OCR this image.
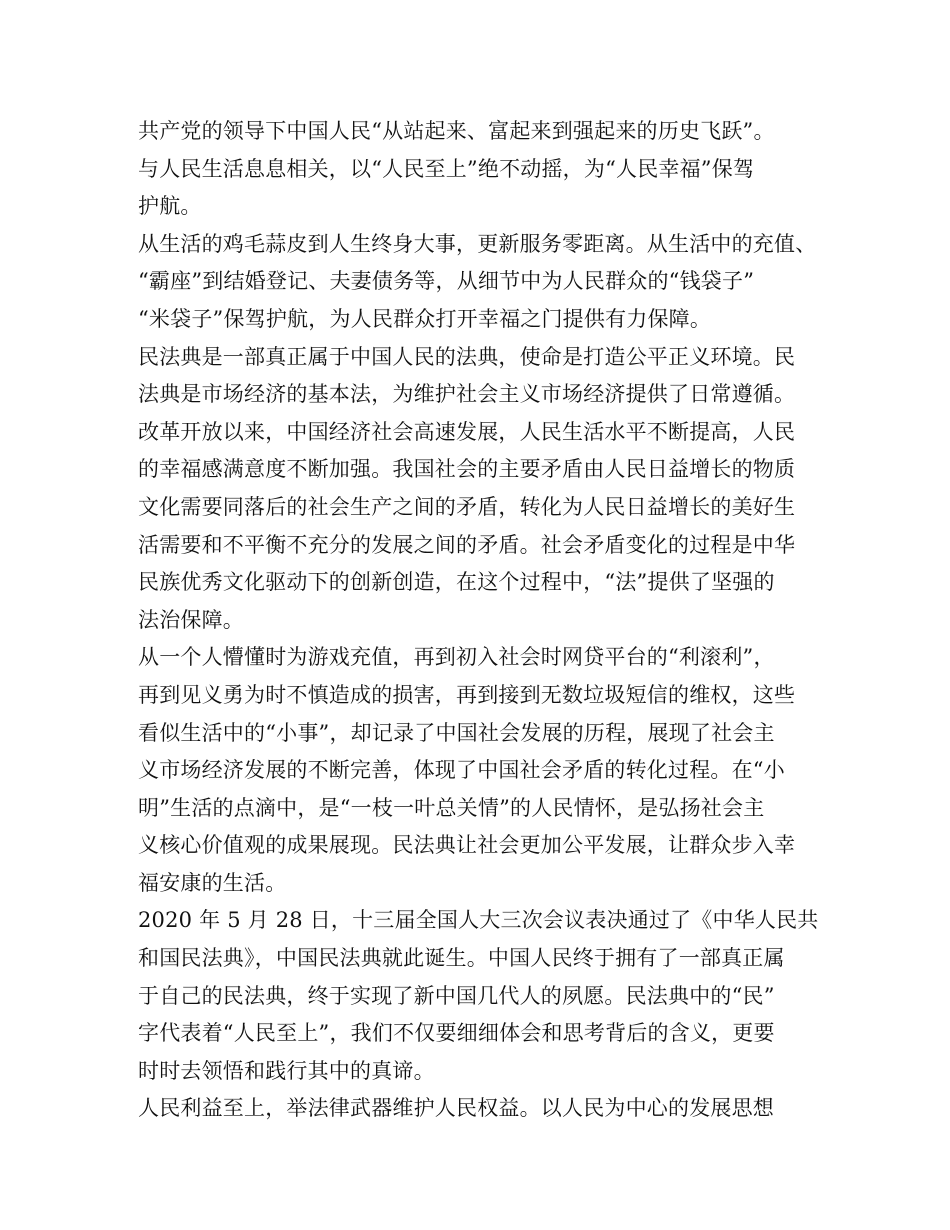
共产党的领导下中国人民“从站起来、富起来到强起来的历史飞跃”。
与人民生活息息相关，以“人民至上”绝不动摇，为“人民幸福”保驾
护航。
从生活的鸡毛蒜皮到人生终身大事，更新服务零距离。从生活中的充值、
“霸座”到结婚登记、夫妻债务等，从细节中为人民群众的“钱袋子”
“米袋子”保驾护航，为人民群众打开幸福之门提供有力保障。
民法典是一部真正属于中国人民的法典，使命是打造公平正义环境。民
法典是市场经济的基本法，为维护社会主义市场经济提供了日常遵循。
改革开放以来，中国经济社会高速发展，人民生活水平不断提高，人民
的幸福感满意度不断加强。我国社会的主要矛盾由人民日益增长的物质
文化需要同落后的社会生产之间的矛盾，转化为人民日益增长的美好生
活需要和不平衡不充分的发展之间的矛盾。社会矛盾变化的过程是中华
民族优秀文化驱动下的创新创造，在这个过程中，“法”提供了坚强的
法治保障。
从一个人懵懂时为游戏充值，再到初入社会时网贷平台的“利滚利”，
再到见义勇为时不慎造成的损害，再到接到无数垃圾短信的维权，这些
看似生活中的“小事”，却记录了中国社会发展的历程，展现了社会主
义市场经济发展的不断完善，体现了中国社会矛盾的转化过程。在“小
明”生活的点滴中，是“一枝一叶总关情”的人民情怀，是弘扬社会主
义核心价值观的成果展现。民法典让社会更加公平发展，让群众步入幸
福安康的生活。
2020 年 5 月 28 日，十三届全国人大三次会议表决通过了《中华人民共
和国民法典》，中国民法典就此诞生。中国人民终于拥有了一部真正属
于自己的民法典，终于实现了新中国几代人的夙愿。民法典中的“民”
字代表着“人民至上”，我们不仅要细细体会和思考背后的含义，更要
时时去领悟和践行其中的真谛。
人民利益至上，举法律武器维护人民权益。以人民为中心的发展思想
